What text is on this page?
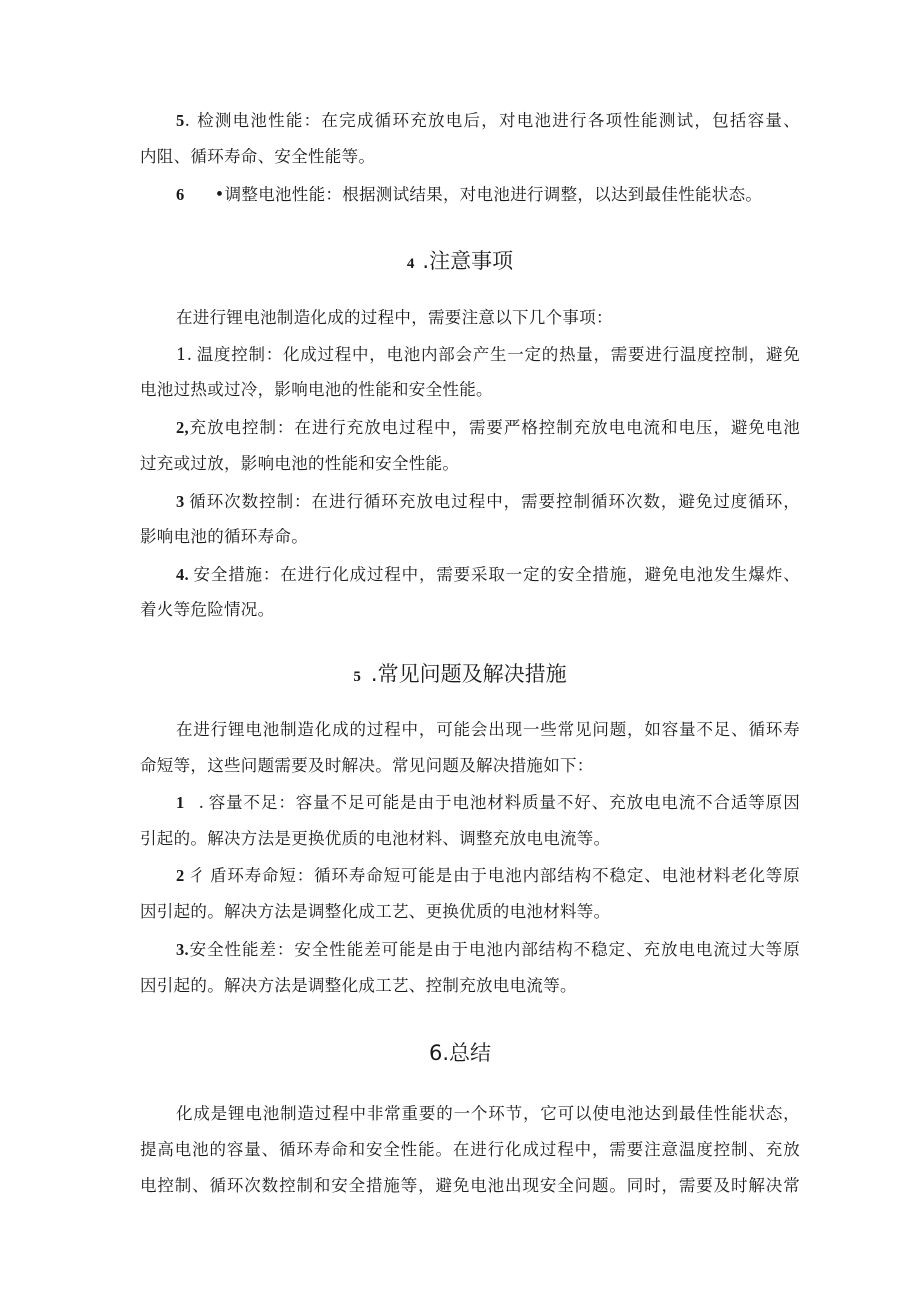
5. 检测电池性能：在完成循环充放电后，对电池进行各项性能测试，包括容量、
内阻、循环寿命、安全性能等。
6 •调整电池性能：根据测试结果，对电池进行调整，以达到最佳性能状态。
4 .注意事项
在进行锂电池制造化成的过程中，需要注意以下几个事项：
1. 温度控制：化成过程中，电池内部会产生一定的热量，需要进行温度控制，避免
电池过热或过冷，影响电池的性能和安全性能。
2,充放电控制：在进行充放电过程中，需要严格控制充放电电流和电压，避免电池
过充或过放，影响电池的性能和安全性能。
3 循环次数控制：在进行循环充放电过程中，需要控制循环次数，避免过度循环，
影响电池的循环寿命。
4. 安全措施：在进行化成过程中，需要采取一定的安全措施，避免电池发生爆炸、
着火等危险情况。
5 .常见问题及解决措施
在进行锂电池制造化成的过程中，可能会出现一些常见问题，如容量不足、循环寿
命短等，这些问题需要及时解决。常见问题及解决措施如下：
1. 容量不足：容量不足可能是由于电池材料质量不好、充放电电流不合适等原因
引起的。解决方法是更换优质的电池材料、调整充放电电流等。
2 彳 盾环寿命短：循环寿命短可能是由于电池内部结构不稳定、电池材料老化等原
因引起的。解决方法是调整化成工艺、更换优质的电池材料等。
3.安全性能差：安全性能差可能是由于电池内部结构不稳定、充放电电流过大等原
因引起的。解决方法是调整化成工艺、控制充放电电流等。
6.总结
化成是锂电池制造过程中非常重要的一个环节，它可以使电池达到最佳性能状态，
提高电池的容量、循环寿命和安全性能。在进行化成过程中，需要注意温度控制、充放
电控制、循环次数控制和安全措施等，避免电池出现安全问题。同时，需要及时解决常
